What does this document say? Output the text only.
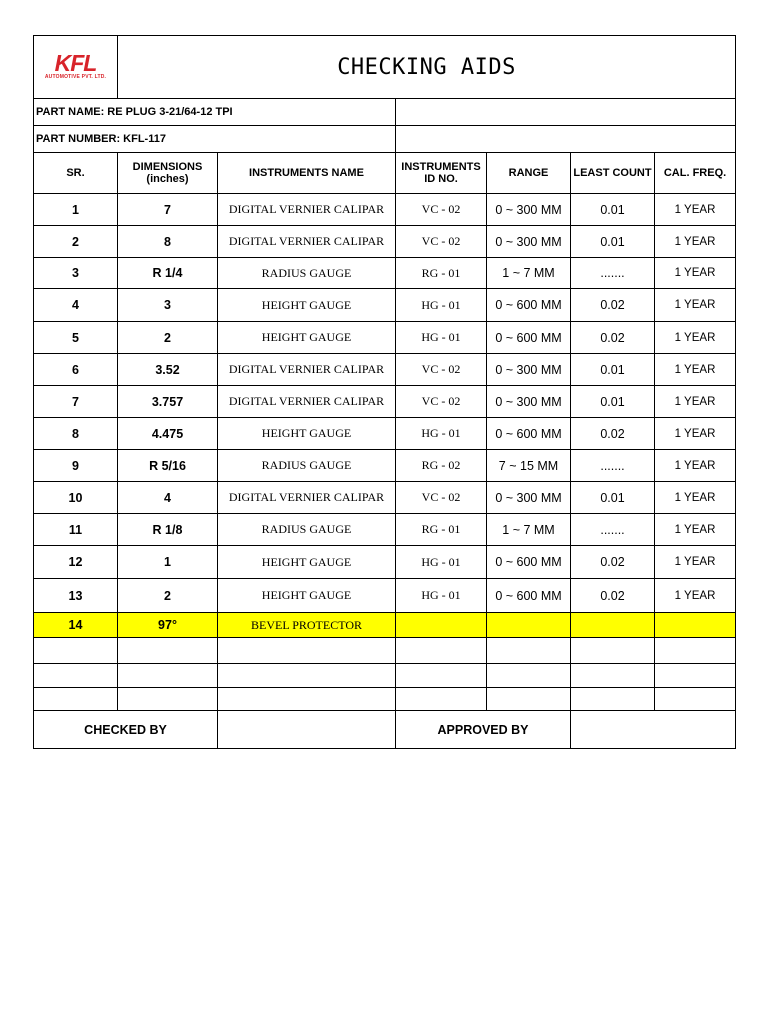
KFL
AUTOMOTIVE PVT. LTD.	CHECKING AIDS					
PART NAME: RE PLUG 3-21/64-12 TPI						
PART NUMBER: KFL-117						
SR.	DIMENSIONS (inches)	INSTRUMENTS NAME	INSTRUMENTS ID NO.	RANGE	LEAST COUNT	CAL. FREQ.
1	7	DIGITAL VERNIER CALIPAR	VC - 02	0 ~ 300 MM	0.01	1 YEAR
2	8	DIGITAL VERNIER CALIPAR	VC - 02	0 ~ 300 MM	0.01	1 YEAR
3	R 1/4	RADIUS GAUGE	RG - 01	1 ~ 7 MM	.......	1 YEAR
4	3	HEIGHT GAUGE	HG - 01	0 ~ 600 MM	0.02	1 YEAR
5	2	HEIGHT GAUGE	HG - 01	0 ~ 600 MM	0.02	1 YEAR
6	3.52	DIGITAL VERNIER CALIPAR	VC - 02	0 ~ 300 MM	0.01	1 YEAR
7	3.757	DIGITAL VERNIER CALIPAR	VC - 02	0 ~ 300 MM	0.01	1 YEAR
8	4.475	HEIGHT GAUGE	HG - 01	0 ~ 600 MM	0.02	1 YEAR
9	R 5/16	RADIUS GAUGE	RG - 02	7 ~ 15 MM	.......	1 YEAR
10	4	DIGITAL VERNIER CALIPAR	VC - 02	0 ~ 300 MM	0.01	1 YEAR
11	R 1/8	RADIUS GAUGE	RG - 01	1 ~ 7 MM	.......	1 YEAR
12	1	HEIGHT GAUGE	HG - 01	0 ~ 600 MM	0.02	1 YEAR
13	2	HEIGHT GAUGE	HG - 01	0 ~ 600 MM	0.02	1 YEAR
14	97°	BEVEL PROTECTOR				

CHECKED BY			APPROVED BY			
